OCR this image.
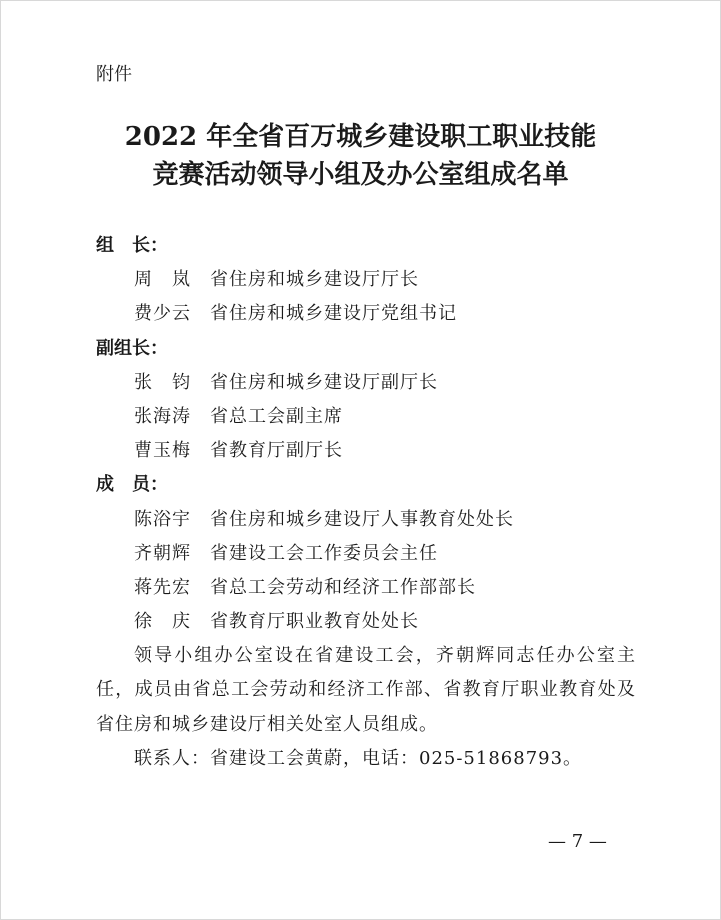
附件
2022 年全省百万城乡建设职工职业技能
竞赛活动领导小组及办公室组成名单
组　长：
周　岚 省住房和城乡建设厅厅长
费少云 省住房和城乡建设厅党组书记
副组长：
张　钧 省住房和城乡建设厅副厅长
张海涛 省总工会副主席
曹玉梅 省教育厅副厅长
成　员：
陈浴宇 省住房和城乡建设厅人事教育处处长
齐朝辉 省建设工会工作委员会主任
蒋先宏 省总工会劳动和经济工作部部长
徐　庆 省教育厅职业教育处处长
领导小组办公室设在省建设工会，齐朝辉同志任办公室主任，成员由省总工会劳动和经济工作部、省教育厅职业教育处及省住房和城乡建设厅相关处室人员组成。
联系人：省建设工会黄蔚，电话：025-51868793。
— 7 —
